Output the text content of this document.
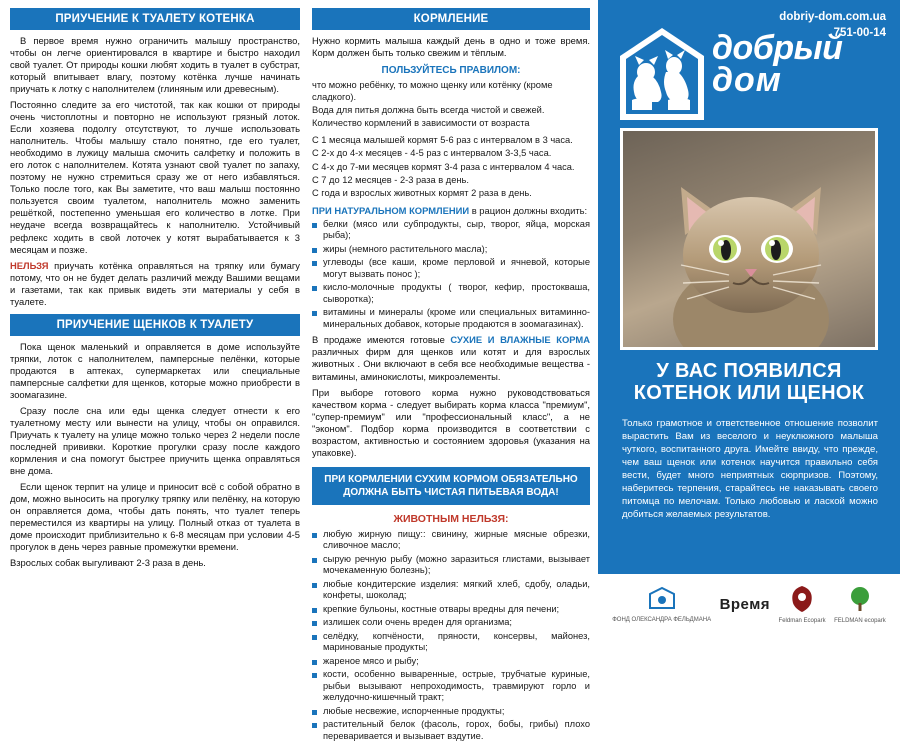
ПРИУЧЕНИЕ К ТУАЛЕТУ КОТЕНКА

В первое время нужно ограничить малышу пространство, чтобы он легче ориентировался в квартире и быстро находил свой туалет. От природы кошки любят ходить в туалет в субстрат, который впитывает влагу, поэтому котёнка лучше начинать приучать к лотку с наполнителем (глиняным или древесным).

Постоянно следите за его чистотой, так как кошки от природы очень чистоплотны и повторно не используют грязный лоток. Если хозяева подолгу отсутствуют, то лучше использовать наполнитель. Чтобы малышу стало понятно, где его туалет, необходимо в лужицу малыша смочить салфетку и положить в его лоток с наполнителем. Котята узнают свой туалет по запаху, поэтому не нужно стремиться сразу же от него избавляться. Только после того, как Вы заметите, что ваш малыш постоянно пользуется своим туалетом, наполнитель можно заменить решёткой, постепенно уменьшая его количество в лотке. При неудаче всегда возвращайтесь к наполнителю. Устойчивый рефлекс ходить в свой лоточек у котят вырабатывается к 3 месяцам и позже.

НЕЛЬЗЯ приучать котёнка оправляться на тряпку или бумагу потому, что он не будет делать различий между Вашими вещами и газетами, так как привык видеть эти материалы у себя в туалете.

ПРИУЧЕНИЕ ЩЕНКОВ К ТУАЛЕТУ

Пока щенок маленький и оправляется в доме используйте тряпки, лоток с наполнителем, памперсные пелёнки, которые продаются в аптеках, супермаркетах или специальные памперсные салфетки для щенков, которые можно приобрести в зоомагазине.

Сразу после сна или еды щенка следует отнести к его туалетному месту или вынести на улицу, чтобы он оправился. Приучать к туалету на улице можно только через 2 недели после последней прививки. Короткие прогулки сразу после каждого кормления и сна помогут быстрее приучить щенка оправляться вне дома.

Если щенок терпит на улице и приносит всё с собой обратно в дом, можно выносить на прогулку тряпку или пелёнку, на которую он оправляется дома, чтобы дать понять, что туалет теперь переместился из квартиры на улицу. Полный отказ от туалета в доме происходит приблизительно к 6-8 месяцам при условии 4-5 прогулок в день через равные промежутки времени.

Взрослых собак выгуливают 2-3 раза в день.

КОРМЛЕНИЕ

Нужно кормить малыша каждый день в одно и тоже время. Корм должен быть только свежим и тёплым.

ПОЛЬЗУЙТЕСЬ ПРАВИЛОМ:
что можно ребёнку, то можно щенку или котёнку (кроме сладкого).
Вода для питья должна быть всегда чистой и свежей.
Количество кормлений в зависимости от возраста
С 1 месяца малышей кормят 5-6 раз с интервалом в 3 часа.
С 2-х до 4-х месяцев - 4-5 раз с интервалом 3-3,5 часа.
С 4-х до 7-ми месяцев кормят 3-4 раза с интервалом 4 часа.
С 7 до 12 месяцев - 2-3 раза в день.
С года и взрослых животных кормят 2 раза в день.
ПРИ НАТУРАЛЬНОМ КОРМЛЕНИИ в рацион должны входить:
белки (мясо или субпродукты, сыр, творог, яйца, морская рыба);
жиры (немного растительного масла);
углеводы (все каши, кроме перловой и ячневой, которые могут вызвать понос );
кисло-молочные продукты ( творог, кефир, простокваша, сыворотка);
витамины и минералы (кроме или специальных витаминно-минеральных добавок, которые продаются в зоомагазинах).

В продаже имеются готовые СУХИЕ И ВЛАЖНЫЕ КОРМА различных фирм для щенков или котят и для взрослых животных . Они включают в себя все необходимые вещества - витамины, аминокислоты, микроэлементы.

При выборе готового корма нужно руководствоваться качеством корма - следует выбирать корма класса "премиум", "супер-премиум" или "профессиональный класс", а не "эконом". Подбор корма производится в соответствии с возрастом, активностью и состоянием здоровья (указания на упаковке).

ПРИ КОРМЛЕНИИ СУХИМ КОРМОМ ОБЯЗАТЕЛЬНО ДОЛЖНА БЫТЬ ЧИСТАЯ ПИТЬЕВАЯ ВОДА!
ЖИВОТНЫМ НЕЛЬЗЯ:
любую жирную пищу:: свинину, жирные мясные обрезки, сливочное масло;
сырую речную рыбу (можно заразиться глистами, вызывает мочекаменную болезнь);
любые кондитерские изделия: мягкий хлеб, сдобу, оладьи, конфеты, шоколад;
крепкие бульоны, костные отвары вредны для печени;
излишек соли очень вреден для организма;
селёдку, копчёности, пряности, консервы, майонез, маринованые продукты;
жареное мясо и рыбу;
кости, особенно вываренные, острые, трубчатые куриные, рыбьи вызывают непроходимость, травмируют горло и желудочно-кишечный тракт;
любые несвежие, испорченные продукты;
растительный белок (фасоль, горох, бобы, грибы) плохо переваривается и вызывает вздутие.
dobriy-dom.com.ua
751-00-14
добрый
дом
У ВАС ПОЯВИЛСЯ КОТЕНОК ИЛИ ЩЕНОК
Только грамотное и ответственное отношение позволит вырастить Вам из веселого и неуклюжного малыша чуткого, воспитанного друга. Имейте ввиду, что прежде, чем ваш щенок или котенок научится правильно себя вести, будет много неприятных сюрпризов. Поэтому, наберитесь терпения, старайтесь не наказывать своего питомца по мелочам. Только любовью и лаской можно добиться желаемых результатов.
ФОНД ОЛЕКСАНДРА ФЕЛЬДМАНА
Время
Feldman Ecopark FELDMAN ecopark
